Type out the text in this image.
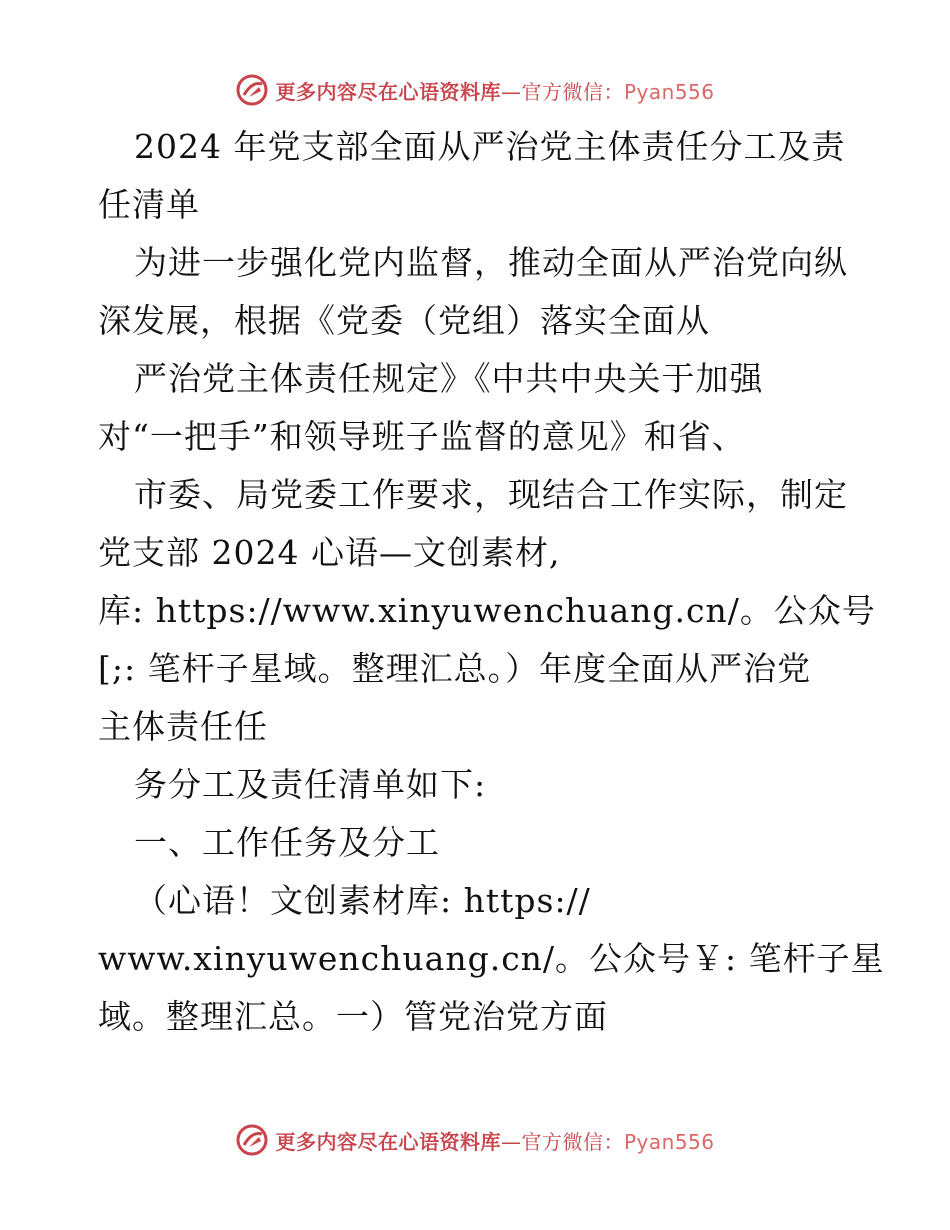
更多内容尽在心语资料库—官方微信：Pyan556
2024 年党支部全面从严治党主体责任分工及责
任清单
为进一步强化党内监督，推动全面从严治党向纵
深发展，根据《党委（党组）落实全面从
严治党主体责任规定》《中共中央关于加强
对“一把手”和领导班子监督的意见》和省、
市委、局党委工作要求，现结合工作实际，制定
党支部 2024 心语—文创素材,
库: https://www.xinyuwenchuang.cn/。公众号
[;: 笔杆子星域。整理汇总。）年度全面从严治党
主体责任任
务分工及责任清单如下:
一、工作任务及分工
（心语！文创素材库: https://
www.xinyuwenchuang.cn/。公众号￥: 笔杆子星
域。整理汇总。一）管党治党方面
更多内容尽在心语资料库—官方微信：Pyan556
